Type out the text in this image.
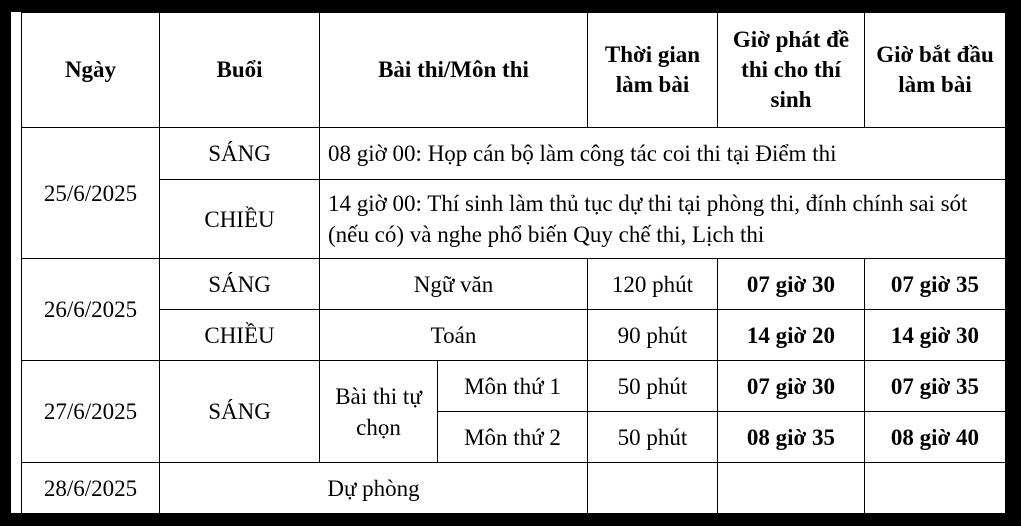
Ngày	Buổi	Bài thi/Môn thi		Thời gian làm bài	Giờ phát đề thi cho thí sinh	Giờ bắt đầu làm bài
25/6/2025	SÁNG	08 giờ 00: Họp cán bộ làm công tác coi thi tại Điểm thi				
	CHIỀU	14 giờ 00: Thí sinh làm thủ tục dự thi tại phòng thi, đính chính sai sót (nếu có) và nghe phổ biến Quy chế thi, Lịch thi				
26/6/2025	SÁNG	Ngữ văn		120 phút	07 giờ 30	07 giờ 35
	CHIỀU	Toán		90 phút	14 giờ 20	14 giờ 30
27/6/2025	SÁNG	Bài thi tự chọn	Môn thứ 1	50 phút	07 giờ 30	07 giờ 35
			Môn thứ 2	50 phút	08 giờ 35	08 giờ 40
28/6/2025	Dự phòng					
